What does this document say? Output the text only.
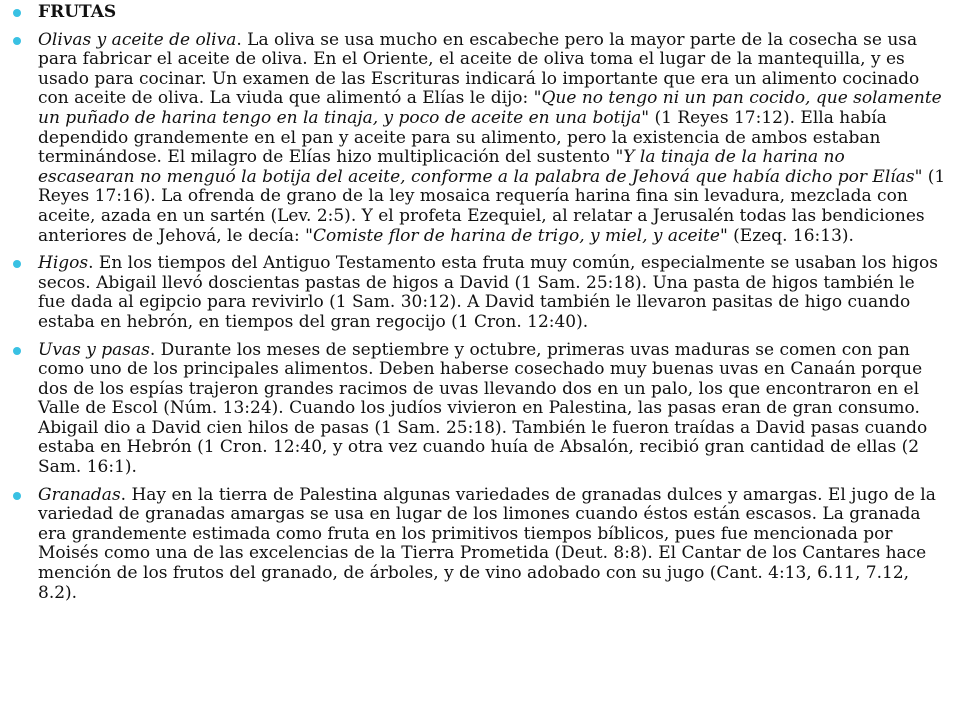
FRUTAS
Olivas y aceite de oliva. La oliva se usa mucho en escabeche pero la mayor parte de la cosecha se usa para fabricar el aceite de oliva. En el Oriente, el aceite de oliva toma el lugar de la mantequilla, y es usado para cocinar. Un examen de las Escrituras indicará lo importante que era un alimento cocinado con aceite de oliva. La viuda que alimentó a Elías le dijo: "Que no tengo ni un pan cocido, que solamente un puñado de harina tengo en la tinaja, y poco de aceite en una botija" (1 Reyes 17:12). Ella había dependido grandemente en el pan y aceite para su alimento, pero la existencia de ambos estaban terminándose. El milagro de Elías hizo multiplicación del sustento "Y la tinaja de la harina no escasearan no menguó la botija del aceite, conforme a la palabra de Jehová que había dicho por Elías" (1 Reyes 17:16). La ofrenda de grano de la ley mosaica requería harina fina sin levadura, mezclada con aceite, azada en un sartén (Lev. 2:5). Y el profeta Ezequiel, al relatar a Jerusalén todas las bendiciones anteriores de Jehová, le decía: "Comiste flor de harina de trigo, y miel, y aceite" (Ezeq. 16:13).
Higos. En los tiempos del Antiguo Testamento esta fruta muy común, especialmente se usaban los higos secos. Abigail llevó doscientas pastas de higos a David (1 Sam. 25:18). Una pasta de higos también le fue dada al egipcio para revivirlo (1 Sam. 30:12). A David también le llevaron pasitas de higo cuando estaba en hebrón, en tiempos del gran regocijo (1 Cron. 12:40).
Uvas y pasas. Durante los meses de septiembre y octubre, primeras uvas maduras se comen con pan como uno de los principales alimentos. Deben haberse cosechado muy buenas uvas en Canaán porque dos de los espías trajeron grandes racimos de uvas llevando dos en un palo, los que encontraron en el Valle de Escol (Núm. 13:24). Cuando los judíos vivieron en Palestina, las pasas eran de gran consumo. Abigail dio a David cien hilos de pasas (1 Sam. 25:18). También le fueron traídas a David pasas cuando estaba en Hebrón (1 Cron. 12:40, y otra vez cuando huía de Absalón, recibió gran cantidad de ellas (2 Sam. 16:1).
Granadas. Hay en la tierra de Palestina algunas variedades de granadas dulces y amargas. El jugo de la variedad de granadas amargas se usa en lugar de los limones cuando éstos están escasos. La granada era grandemente estimada como fruta en los primitivos tiempos bíblicos, pues fue mencionada por Moisés como una de las excelencias de la Tierra Prometida (Deut. 8:8). El Cantar de los Cantares hace mención de los frutos del granado, de árboles, y de vino adobado con su jugo (Cant. 4:13, 6.11, 7.12, 8.2).
